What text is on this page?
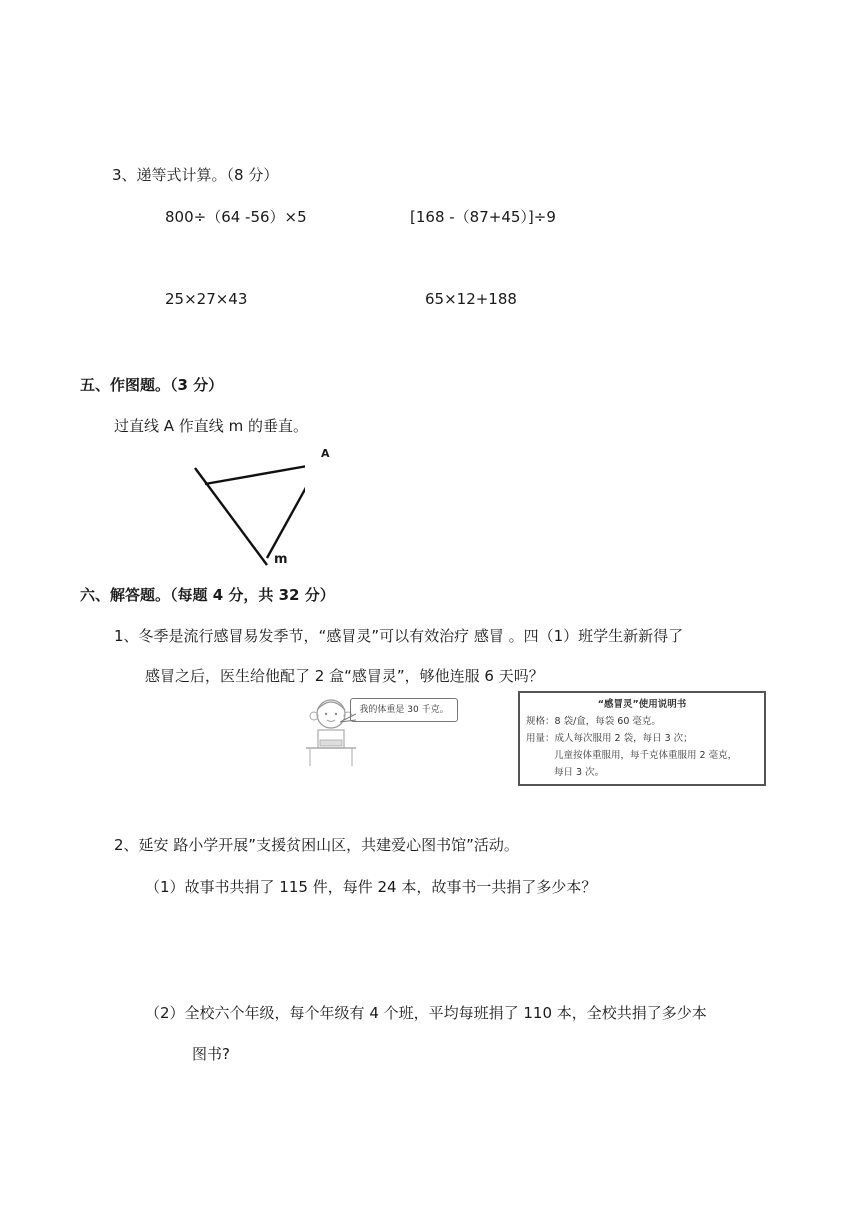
3、递等式计算。（8 分）
800÷（64 -56）×5	[168 -（87+45）]÷9
25×27×43	65×12+188
五、作图题。（3 分）
过直线 A 作直线 m 的垂直。
A
m
六、解答题。（每题 4 分，共 32 分）
1、冬季是流行感冒易发季节，“感冒灵”可以有效治疗 感冒 。四（1）班学生新新得了
感冒之后，医生给他配了 2 盒“感冒灵”，够他连服 6 天吗？
我的体重是 30 千克。	“感冒灵”使用说明书
规格：8 袋/盒，每袋 60 毫克。
用量：成人每次服用 2 袋，每日 3 次；
儿童按体重服用，每千克体重服用 2 毫克，
每日 3 次。
2、延安 路小学开展”支援贫困山区，共建爱心图书馆”活动。
（1）故事书共捐了 115 件，每件 24 本，故事书一共捐了多少本？
（2）全校六个年级，每个年级有 4 个班，平均每班捐了 110 本，全校共捐了多少本
图书?
